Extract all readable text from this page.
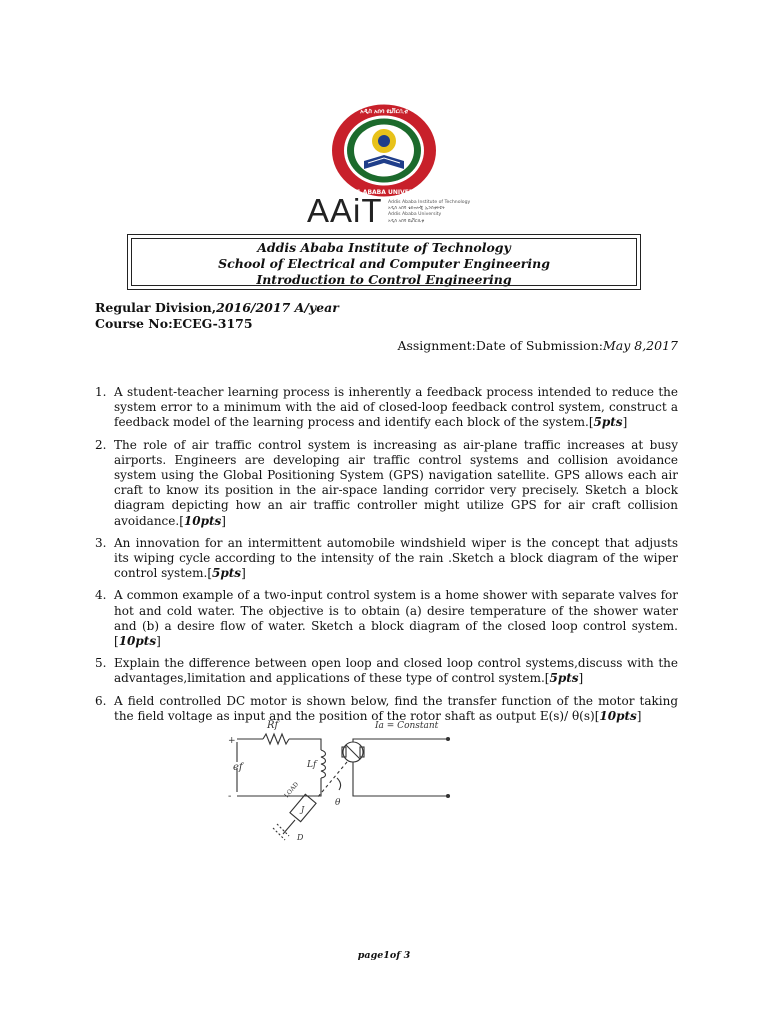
አዲስ አበባ ዩኒቨርሲቲ
ADDIS ABABA UNIVERSITY
AAiT Addis Ababa Institute of Technology
አዲስ አበባ ቴክኖሎጂ ኢንስቲትዩት
Addis Ababa University
አዲስ አበባ ዩኒቨርሲቲ
Addis Ababa Institute of Technology
School of Electrical and Computer Engineering
Introduction to Control Engineering
Regular Division,2016/2017 A/year
Course No:ECEG-3175
Assignment:Date of Submission:May 8,2017
1. A student-teacher learning process is inherently a feedback process intended to reduce the system error to a minimum with the aid of closed-loop feedback control system, construct a feedback model of the learning process and identify each block of the system.[5pts]
2. The role of air traffic control system is increasing as air-plane traffic increases at busy airports. Engineers are developing air traffic control systems and collision avoidance system using the Global Positioning System (GPS) navigation satellite. GPS allows each air craft to know its position in the air-space landing corridor very precisely. Sketch a block diagram depicting how an air traffic controller might utilize GPS for air craft collision avoidance.[10pts]
3. An innovation for an intermittent automobile windshield wiper is the concept that adjusts its wiping cycle according to the intensity of the rain .Sketch a block diagram of the wiper control system.[5pts]
4. A common example of a two-input control system is a home shower with separate valves for hot and cold water. The objective is to obtain (a) desire temperature of the shower water and (b) a desire flow of water. Sketch a block diagram of the closed loop control system.[10pts]
5. Explain the difference between open loop and closed loop control systems,discuss with the advantages,limitation and applications of these type of control system.[5pts]
6. A field controlled DC motor is shown below, find the transfer function of the motor taking the field voltage as input and the position of the rotor shaft as output E(s)/ θ(s)[10pts]
Rf
Lf
ef
+
-
Ia = Constant
θ
LOAD
J
D
page1of 3
